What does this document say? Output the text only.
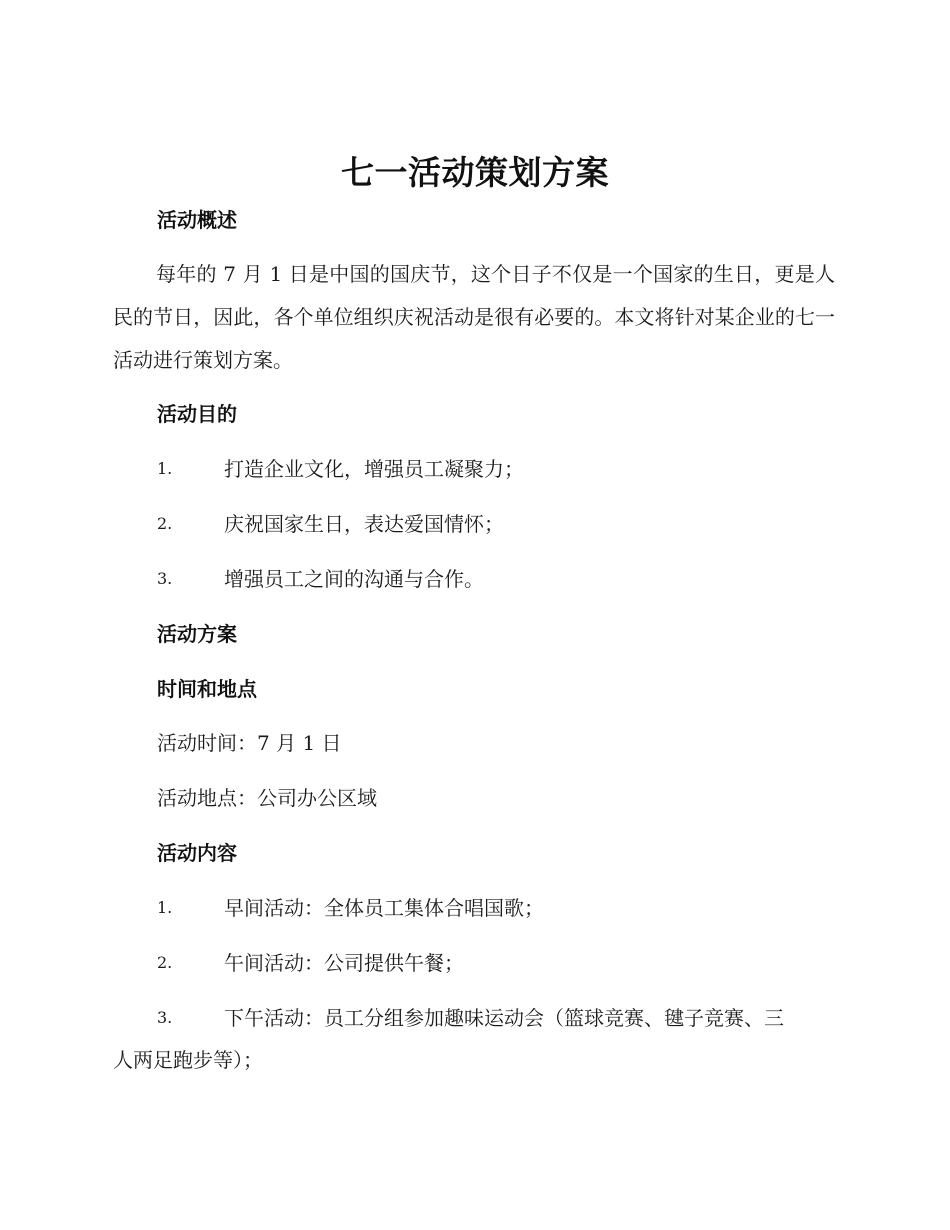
七一活动策划方案
活动概述

每年的 7 月 1 日是中国的国庆节，这个日子不仅是一个国家的生日，更是人民的节日，因此，各个单位组织庆祝活动是很有必要的。本文将针对某企业的七一活动进行策划方案。

活动目的
1.	打造企业文化，增强员工凝聚力；
2.	庆祝国家生日，表达爱国情怀；
3.	增强员工之间的沟通与合作。
活动方案
时间和地点
活动时间：7 月 1 日
活动地点：公司办公区域
活动内容
1.	早间活动：全体员工集体合唱国歌；
2.	午间活动：公司提供午餐；
3.	下午活动：员工分组参加趣味运动会（篮球竞赛、毽子竞赛、三
人两足跑步等）；
